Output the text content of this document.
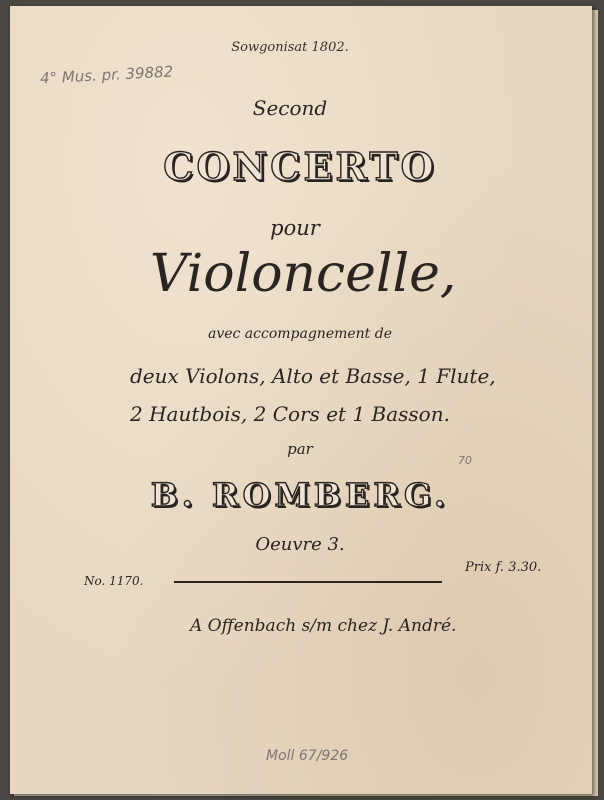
4° Mus. pr. 39882
Sowgonisat 1802.
Second
CONCERTO
pour
Violoncelle,
avec accompagnement de
deux Violons, Alto et Basse, 1 Flute,
2 Hautbois, 2 Cors et 1 Basson.
par
70
B. ROMBERG.
Oeuvre 3.
No. 1170.
Prix f. 3.30.
A Offenbach s/m chez J. André.
Moll 67/926
